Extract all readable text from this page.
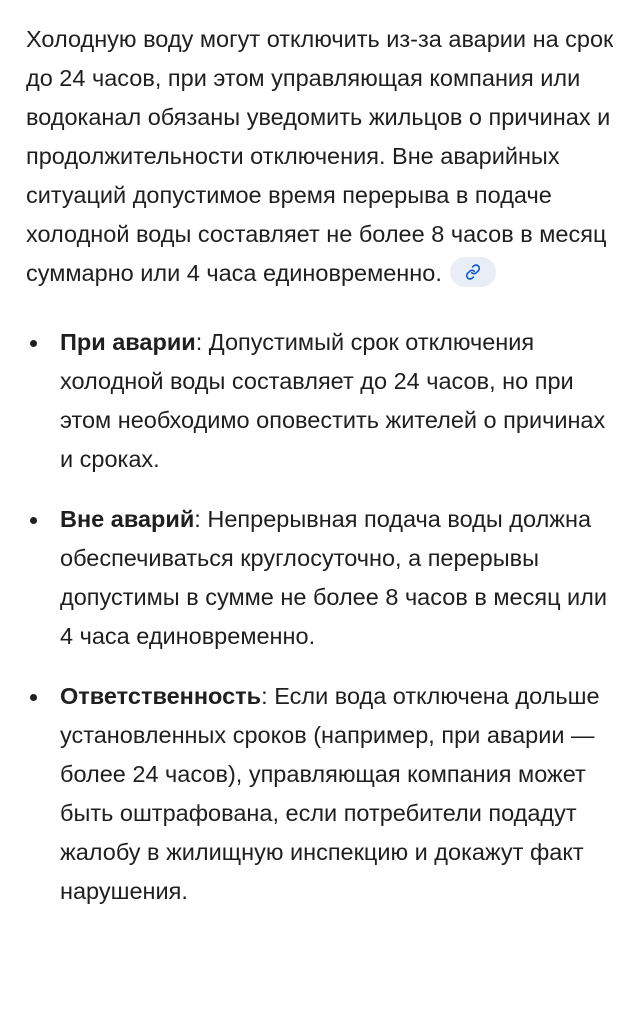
Холодную воду могут отключить из-за аварии на срок до 24 часов, при этом управляющая компания или водоканал обязаны уведомить жильцов о причинах и продолжительности отключения. Вне аварийных ситуаций допустимое время перерыва в подаче холодной воды составляет не более 8 часов в месяц суммарно или 4 часа единовременно.

При аварии: Допустимый срок отключения холодной воды составляет до 24 часов, но при этом необходимо оповестить жителей о причинах и сроках.
Вне аварий: Непрерывная подача воды должна обеспечиваться круглосуточно, а перерывы допустимы в сумме не более 8 часов в месяц или 4 часа единовременно.
Ответственность: Если вода отключена дольше установленных сроков (например, при аварии — более 24 часов), управляющая компания может быть оштрафована, если потребители подадут жалобу в жилищную инспекцию и докажут факт нарушения.
